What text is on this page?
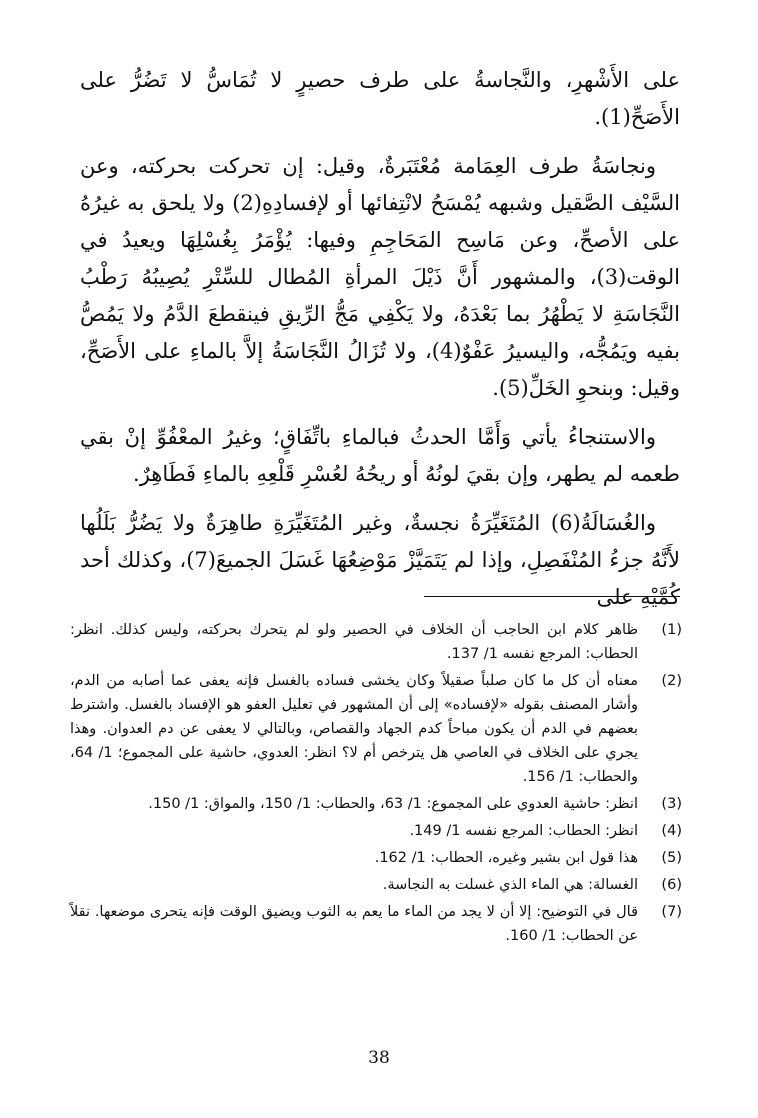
على الأَشْهرِ، والنَّجاسةُ على طرف حصيرٍ لا تُمَاسُّ لا تَضُرُّ على الأَصَحِّ(1).

ونجاسَةُ طرف العِمَامة مُعْتَبَرةٌ، وقيل: إن تحركت بحركته، وعن السَّيْف الصَّقيل وشبهه يُمْسَحُ لانْتِفائها أو لإفسادِهِ(2) ولا يلحق به غيرُهُ على الأصحِّ، وعن مَاسِح المَحَاجِمِ وفيها: يُؤْمَرُ بِغُسْلِهَا ويعيدُ في الوقت(3)، والمشهور أَنَّ ذَيْلَ المرأةِ المُطال للسِّتْرِ يُصِيبُهُ رَطْبُ النَّجَاسَةِ لا يَطْهُرُ بما بَعْدَهُ، ولا يَكْفِي مَجُّ الرِّيقِ فينقطعَ الدَّمُ ولا يَمُصُّ بفيه ويَمُجُّه، واليسيرُ عَفْوٌ(4)، ولا تُزَالُ النَّجَاسَةُ إلاَّ بالماءِ على الأَصَحِّ، وقيل: وبنحوِ الخَلِّ(5).

والاستنجاءُ يأتي وَأَمَّا الحدثُ فبالماءِ باتِّفَاقٍ؛ وغيرُ المعْفُوِّ إنْ بقي طعمه لم يطهر، وإن بقيَ لونُهُ أو ريحُهُ لعُسْرِ قَلْعِهِ بالماءِ فَطَاهِرٌ.

والغُسَالَةُ(6) المُتَغَيِّرَةُ نجسةٌ، وغير المُتَغَيِّرَةِ طاهِرَةٌ ولا يَضُرُّ بَلَلُها لأَنَّهُ جزءُ المُنْفَصِلِ، وإذا لم يَتَمَيَّزْ مَوْضِعُهَا غَسَلَ الجميعَ(7)، وكذلك أحد كُمَّيْهِ على

(1)
ظاهر كلام ابن الحاجب أن الخلاف في الحصير ولو لم يتحرك بحركته، وليس كذلك. انظر: الحطاب: المرجع نفسه 1/ 137.
(2)
معناه أن كل ما كان صلباً صقيلاً وكان يخشى فساده بالغسل فإنه يعفى عما أصابه من الدم، وأشار المصنف بقوله «لإفساده» إلى أن المشهور في تعليل العفو هو الإفساد بالغسل. واشترط بعضهم في الدم أن يكون مباحاً كدم الجهاد والقصاص، وبالتالي لا يعفى عن دم العدوان. وهذا يجري على الخلاف في العاصي هل يترخص أم لا؟ انظر: العدوي، حاشية على المجموع؛ 1/ 64، والحطاب: 1/ 156.
(3)
انظر: حاشية العدوي على المجموع: 1/ 63، والحطاب: 1/ 150، والمواق: 1/ 150.
(4)
انظر: الحطاب: المرجع نفسه 1/ 149.
(5)
هذا قول ابن بشير وغيره، الحطاب: 1/ 162.
(6)
الغسالة: هي الماء الذي غسلت به النجاسة.
(7)
قال في التوضيح: إلا أن لا يجد من الماء ما يعم به الثوب ويضيق الوقت فإنه يتحرى موضعها. نقلاً عن الحطاب: 1/ 160.
38
